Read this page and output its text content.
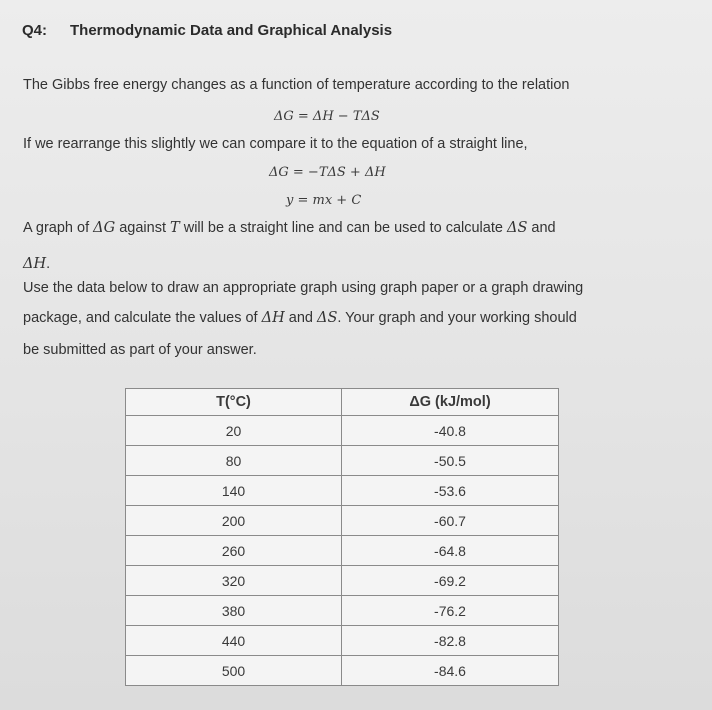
Q4: Thermodynamic Data and Graphical Analysis
The Gibbs free energy changes as a function of temperature according to the relation
ΔG = ΔH − TΔS
If we rearrange this slightly we can compare it to the equation of a straight line,
ΔG = −TΔS + ΔH
y = mx + C
A graph of ΔG against T will be a straight line and can be used to calculate ΔS and
ΔH.
Use the data below to draw an appropriate graph using graph paper or a graph drawing
package, and calculate the values of ΔH and ΔS. Your graph and your working should
be submitted as part of your answer.
T(°C)	ΔG (kJ/mol)
20	-40.8
80	-50.5
140	-53.6
200	-60.7
260	-64.8
320	-69.2
380	-76.2
440	-82.8
500	-84.6
